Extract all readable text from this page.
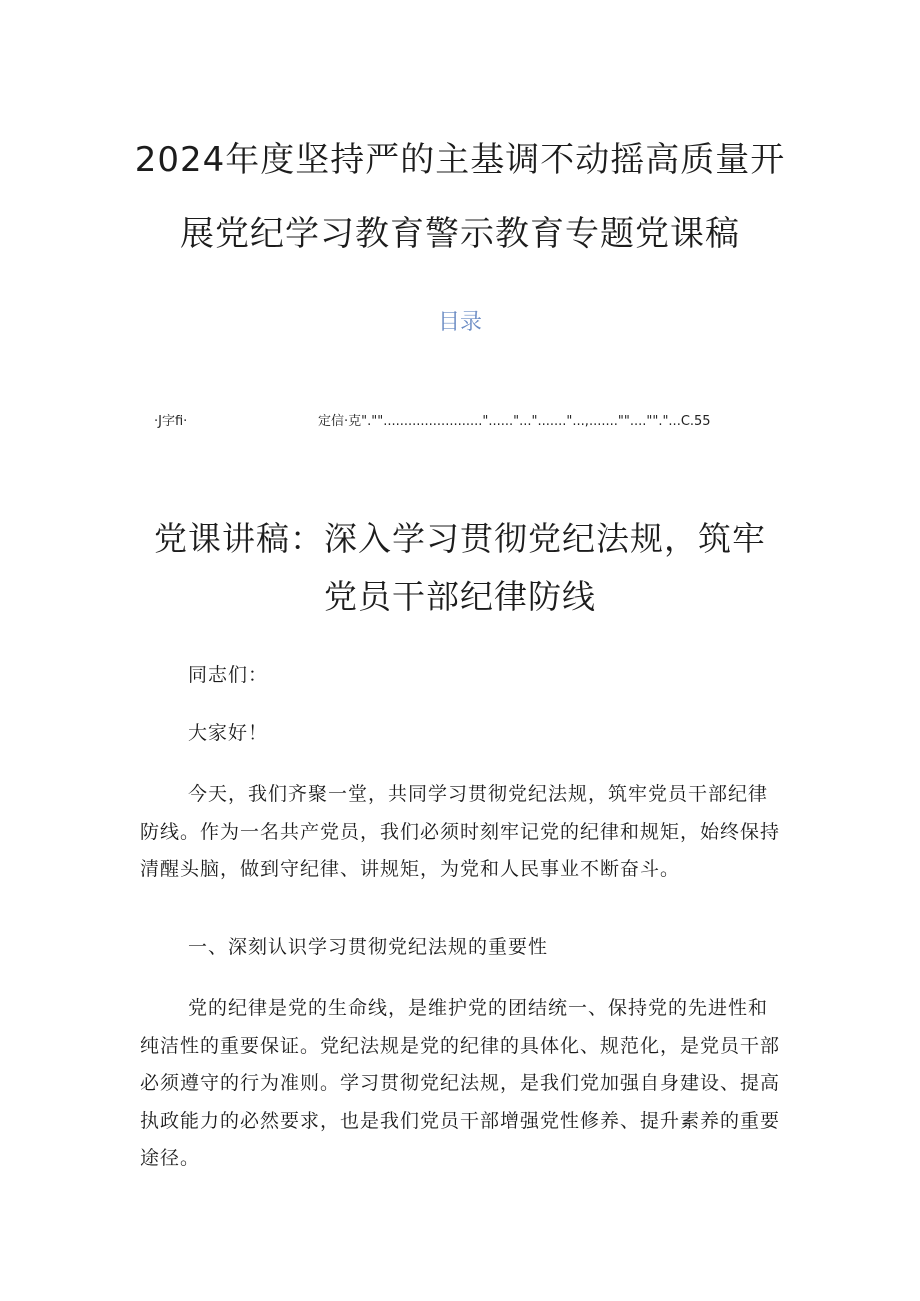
2024年度坚持严的主基调不动摇高质量开
展党纪学习教育警示教育专题党课稿
目录
·J字fi·	定信·克".""........................"......"..."......."...,.......""....""."...C.55
党课讲稿：深入学习贯彻党纪法规，筑牢
党员干部纪律防线

同志们：

大家好！

今天，我们齐聚一堂，共同学习贯彻党纪法规，筑牢党员干部纪律防线。作为一名共产党员，我们必须时刻牢记党的纪律和规矩，始终保持清醒头脑，做到守纪律、讲规矩，为党和人民事业不断奋斗。

一、深刻认识学习贯彻党纪法规的重要性

党的纪律是党的生命线，是维护党的团结统一、保持党的先进性和纯洁性的重要保证。党纪法规是党的纪律的具体化、规范化，是党员干部必须遵守的行为准则。学习贯彻党纪法规，是我们党加强自身建设、提高执政能力的必然要求，也是我们党员干部增强党性修养、提升素养的重要途径。
